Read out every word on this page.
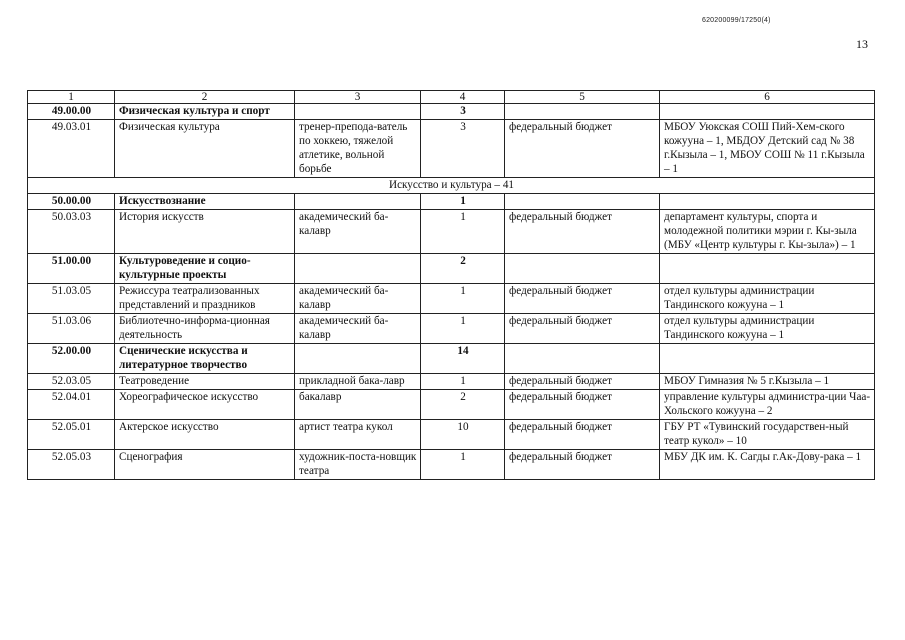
620200099/17250(4)
13
1	2	3	4	5	6
49.00.00	Физическая культура и спорт		3		
49.03.01	Физическая культура	тренер-препода-ватель по хоккею, тяжелой атлетике, вольной борьбе	3	федеральный бюджет	МБОУ Уюкская СОШ Пий-Хем-ского кожууна – 1, МБДОУ Детский сад № 38 г.Кызыла – 1, МБОУ СОШ № 11 г.Кызыла – 1
Искусство и культура – 41					
50.00.00	Искусствознание		1		
50.03.03	История искусств	академический ба-калавр	1	федеральный бюджет	департамент культуры, спорта и молодежной политики мэрии г. Кы-зыла (МБУ «Центр культуры г. Кы-зыла») – 1
51.00.00	Культуроведение и социо-культурные проекты		2		
51.03.05	Режиссура театрализованных представлений и праздников	академический ба-калавр	1	федеральный бюджет	отдел культуры администрации Тандинского кожууна – 1
51.03.06	Библиотечно-информа-ционная деятельность	академический ба-калавр	1	федеральный бюджет	отдел культуры администрации Тандинского кожууна – 1
52.00.00	Сценические искусства и литературное творчество		14		
52.03.05	Театроведение	прикладной бака-лавр	1	федеральный бюджет	МБОУ Гимназия № 5 г.Кызыла – 1
52.04.01	Хореографическое искусство	бакалавр	2	федеральный бюджет	управление культуры администра-ции Чаа-Хольского кожууна – 2
52.05.01	Актерское искусство	артист театра кукол	10	федеральный бюджет	ГБУ РТ «Тувинский государствен-ный театр кукол» – 10
52.05.03	Сценография	художник-поста-новщик театра	1	федеральный бюджет	МБУ ДК им. К. Сагды г.Ак-Дову-рака – 1
